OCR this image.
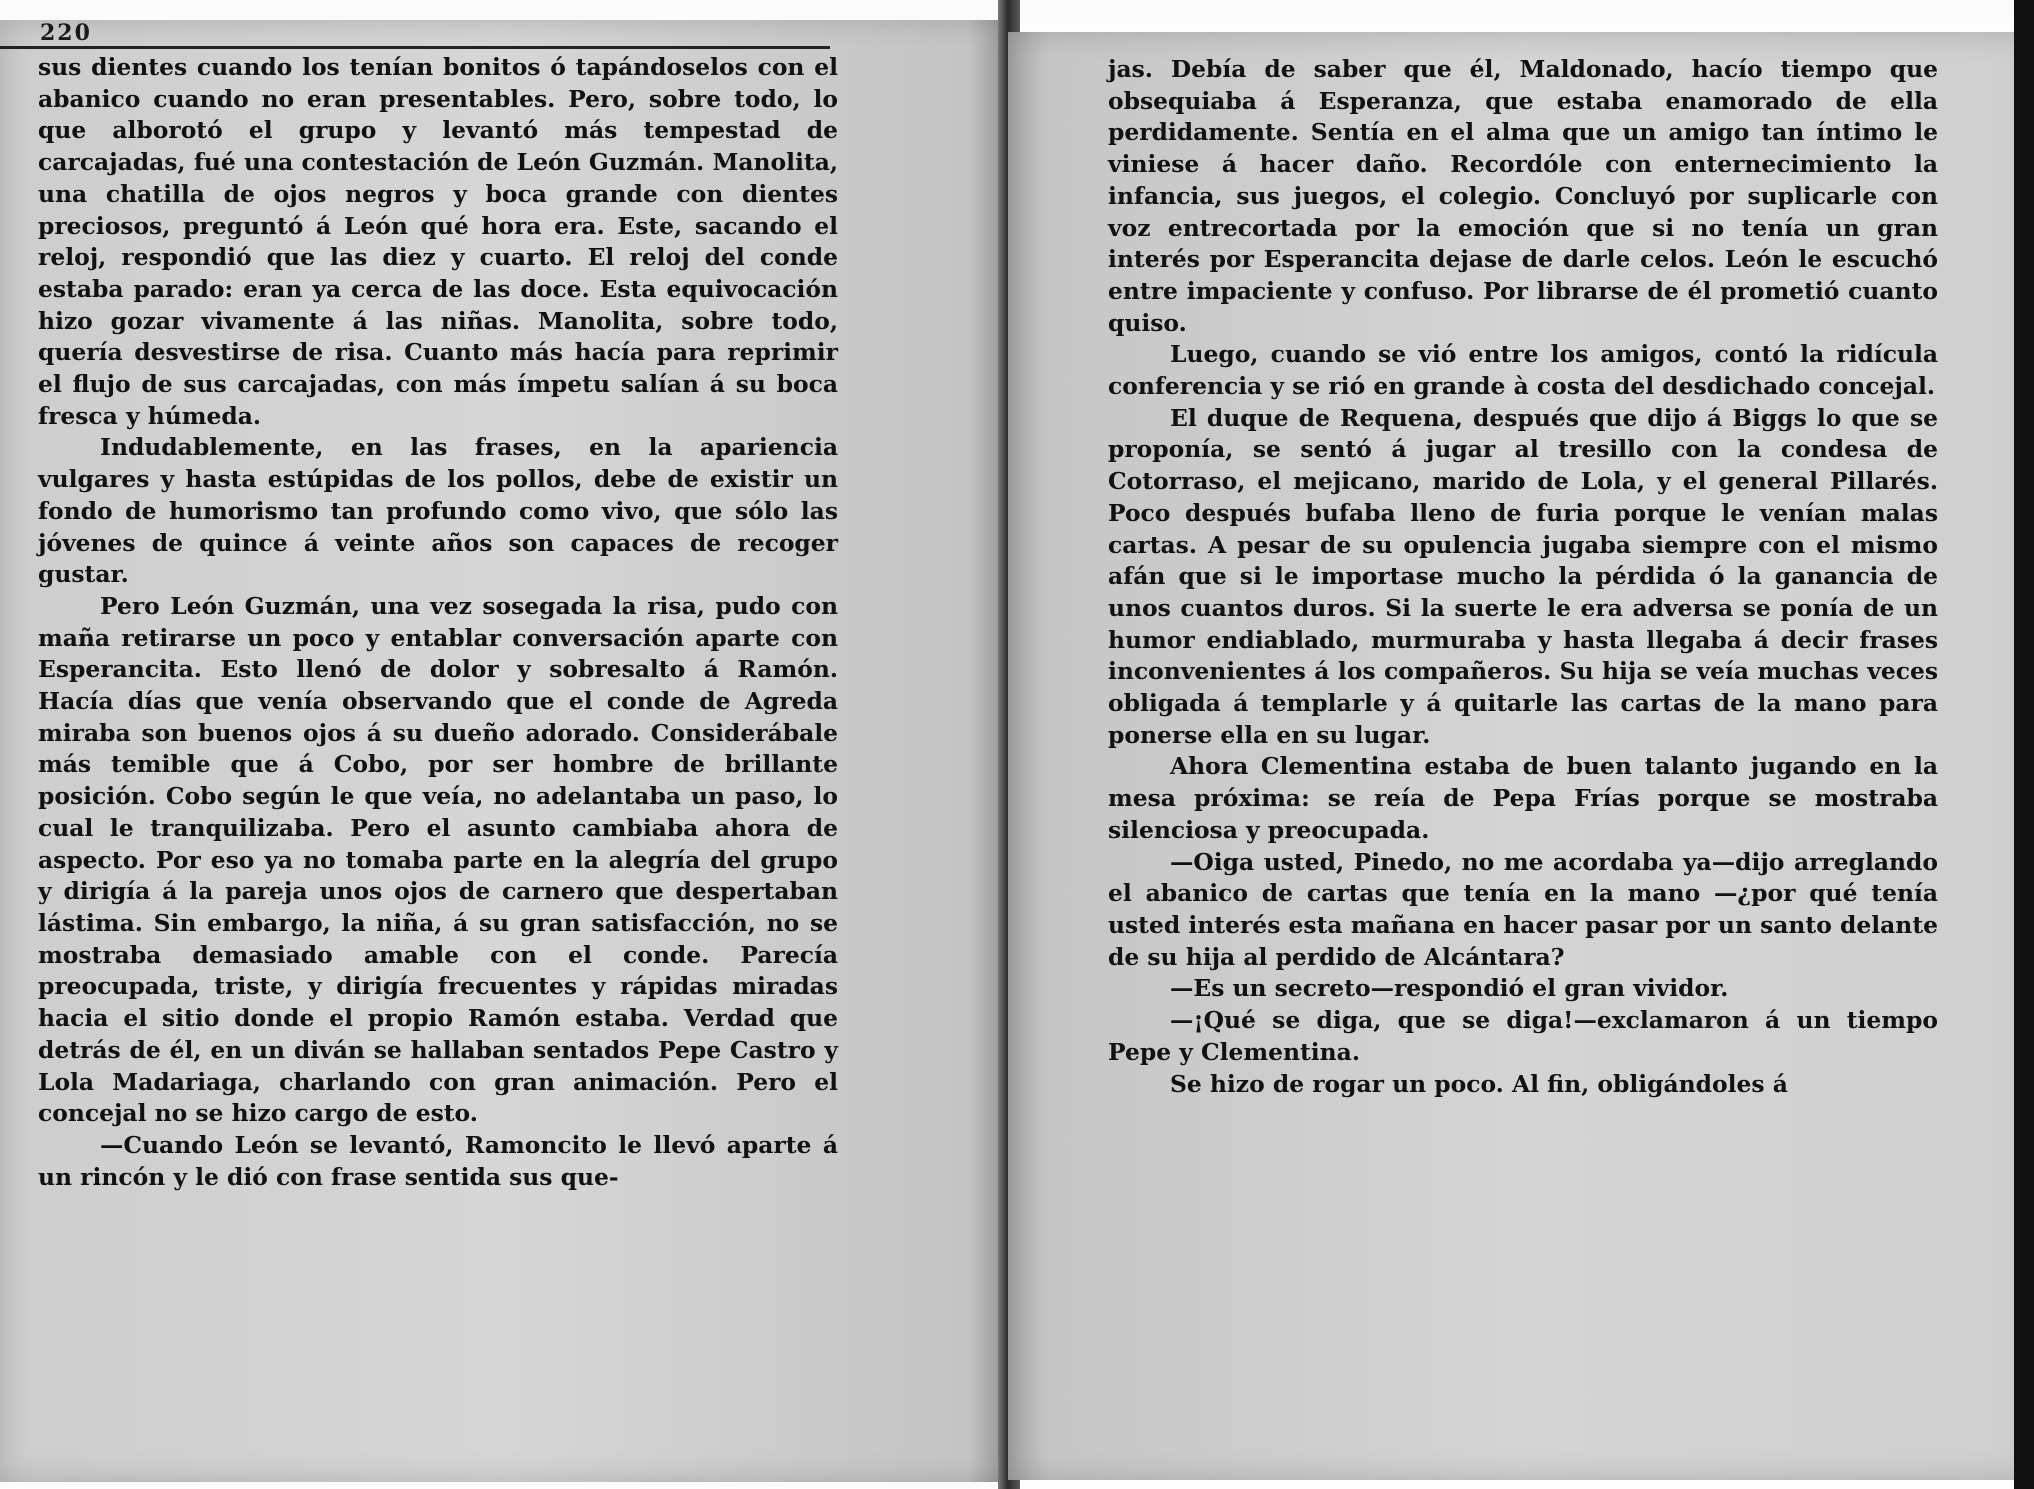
220

sus dientes cuando los tenían bonitos ó tapándoselos con el abanico cuando no eran presentables. Pero, sobre todo, lo que alborotó el grupo y levantó más tempestad de carcajadas, fué una contestación de León Guzmán. Manolita, una chatilla de ojos negros y boca grande con dientes preciosos, preguntó á León qué hora era. Este, sacando el reloj, respondió que las diez y cuarto. El reloj del conde estaba parado: eran ya cerca de las doce. Esta equivocación hizo gozar vivamente á las niñas. Manolita, sobre todo, quería desvestirse de risa. Cuanto más hacía para reprimir el flujo de sus carcajadas, con más ímpetu salían á su boca fresca y húmeda.

Indudablemente, en las frases, en la apariencia vulgares y hasta estúpidas de los pollos, debe de existir un fondo de humorismo tan profundo como vivo, que sólo las jóvenes de quince á veinte años son capaces de recoger gustar.

Pero León Guzmán, una vez sosegada la risa, pudo con maña retirarse un poco y entablar conversación aparte con Esperancita. Esto llenó de dolor y sobresalto á Ramón. Hacía días que venía observando que el conde de Agreda miraba son buenos ojos á su dueño adorado. Considerábale más temible que á Cobo, por ser hombre de brillante posición. Cobo según le que veía, no adelantaba un paso, lo cual le tranquilizaba. Pero el asunto cambiaba ahora de aspecto. Por eso ya no tomaba parte en la alegría del grupo y dirigía á la pareja unos ojos de carnero que despertaban lástima. Sin embargo, la niña, á su gran satisfacción, no se mostraba demasiado amable con el conde. Parecía preocupada, triste, y dirigía frecuentes y rápidas miradas hacia el sitio donde el propio Ramón estaba. Verdad que detrás de él, en un diván se hallaban sentados Pepe Castro y Lola Madariaga, charlando con gran animación. Pero el concejal no se hizo cargo de esto.

—Cuando León se levantó, Ramoncito le llevó aparte á un rincón y le dió con frase sentida sus que-

jas. Debía de saber que él, Maldonado, hacío tiempo que obsequiaba á Esperanza, que estaba enamorado de ella perdidamente. Sentía en el alma que un amigo tan íntimo le viniese á hacer daño. Recordóle con enternecimiento la infancia, sus juegos, el colegio. Concluyó por suplicarle con voz entrecortada por la emoción que si no tenía un gran interés por Esperancita dejase de darle celos. León le escuchó entre impaciente y confuso. Por librarse de él prometió cuanto quiso.

Luego, cuando se vió entre los amigos, contó la ridícula conferencia y se rió en grande à costa del desdichado concejal.

El duque de Requena, después que dijo á Biggs lo que se proponía, se sentó á jugar al tresillo con la condesa de Cotorraso, el mejicano, marido de Lola, y el general Pillarés. Poco después bufaba lleno de furia porque le venían malas cartas. A pesar de su opulencia jugaba siempre con el mismo afán que si le importase mucho la pérdida ó la ganancia de unos cuantos duros. Si la suerte le era adversa se ponía de un humor endiablado, murmuraba y hasta llegaba á decir frases inconvenientes á los compañeros. Su hija se veía muchas veces obligada á templarle y á quitarle las cartas de la mano para ponerse ella en su lugar.

Ahora Clementina estaba de buen talanto jugando en la mesa próxima: se reía de Pepa Frías porque se mostraba silenciosa y preocupada.

—Oiga usted, Pinedo, no me acordaba ya—dijo arreglando el abanico de cartas que tenía en la mano —¿por qué tenía usted interés esta mañana en hacer pasar por un santo delante de su hija al perdido de Alcántara?

—Es un secreto—respondió el gran vividor.

—¡Qué se diga, que se diga!—exclamaron á un tiempo Pepe y Clementina.

Se hizo de rogar un poco. Al fin, obligándoles á
